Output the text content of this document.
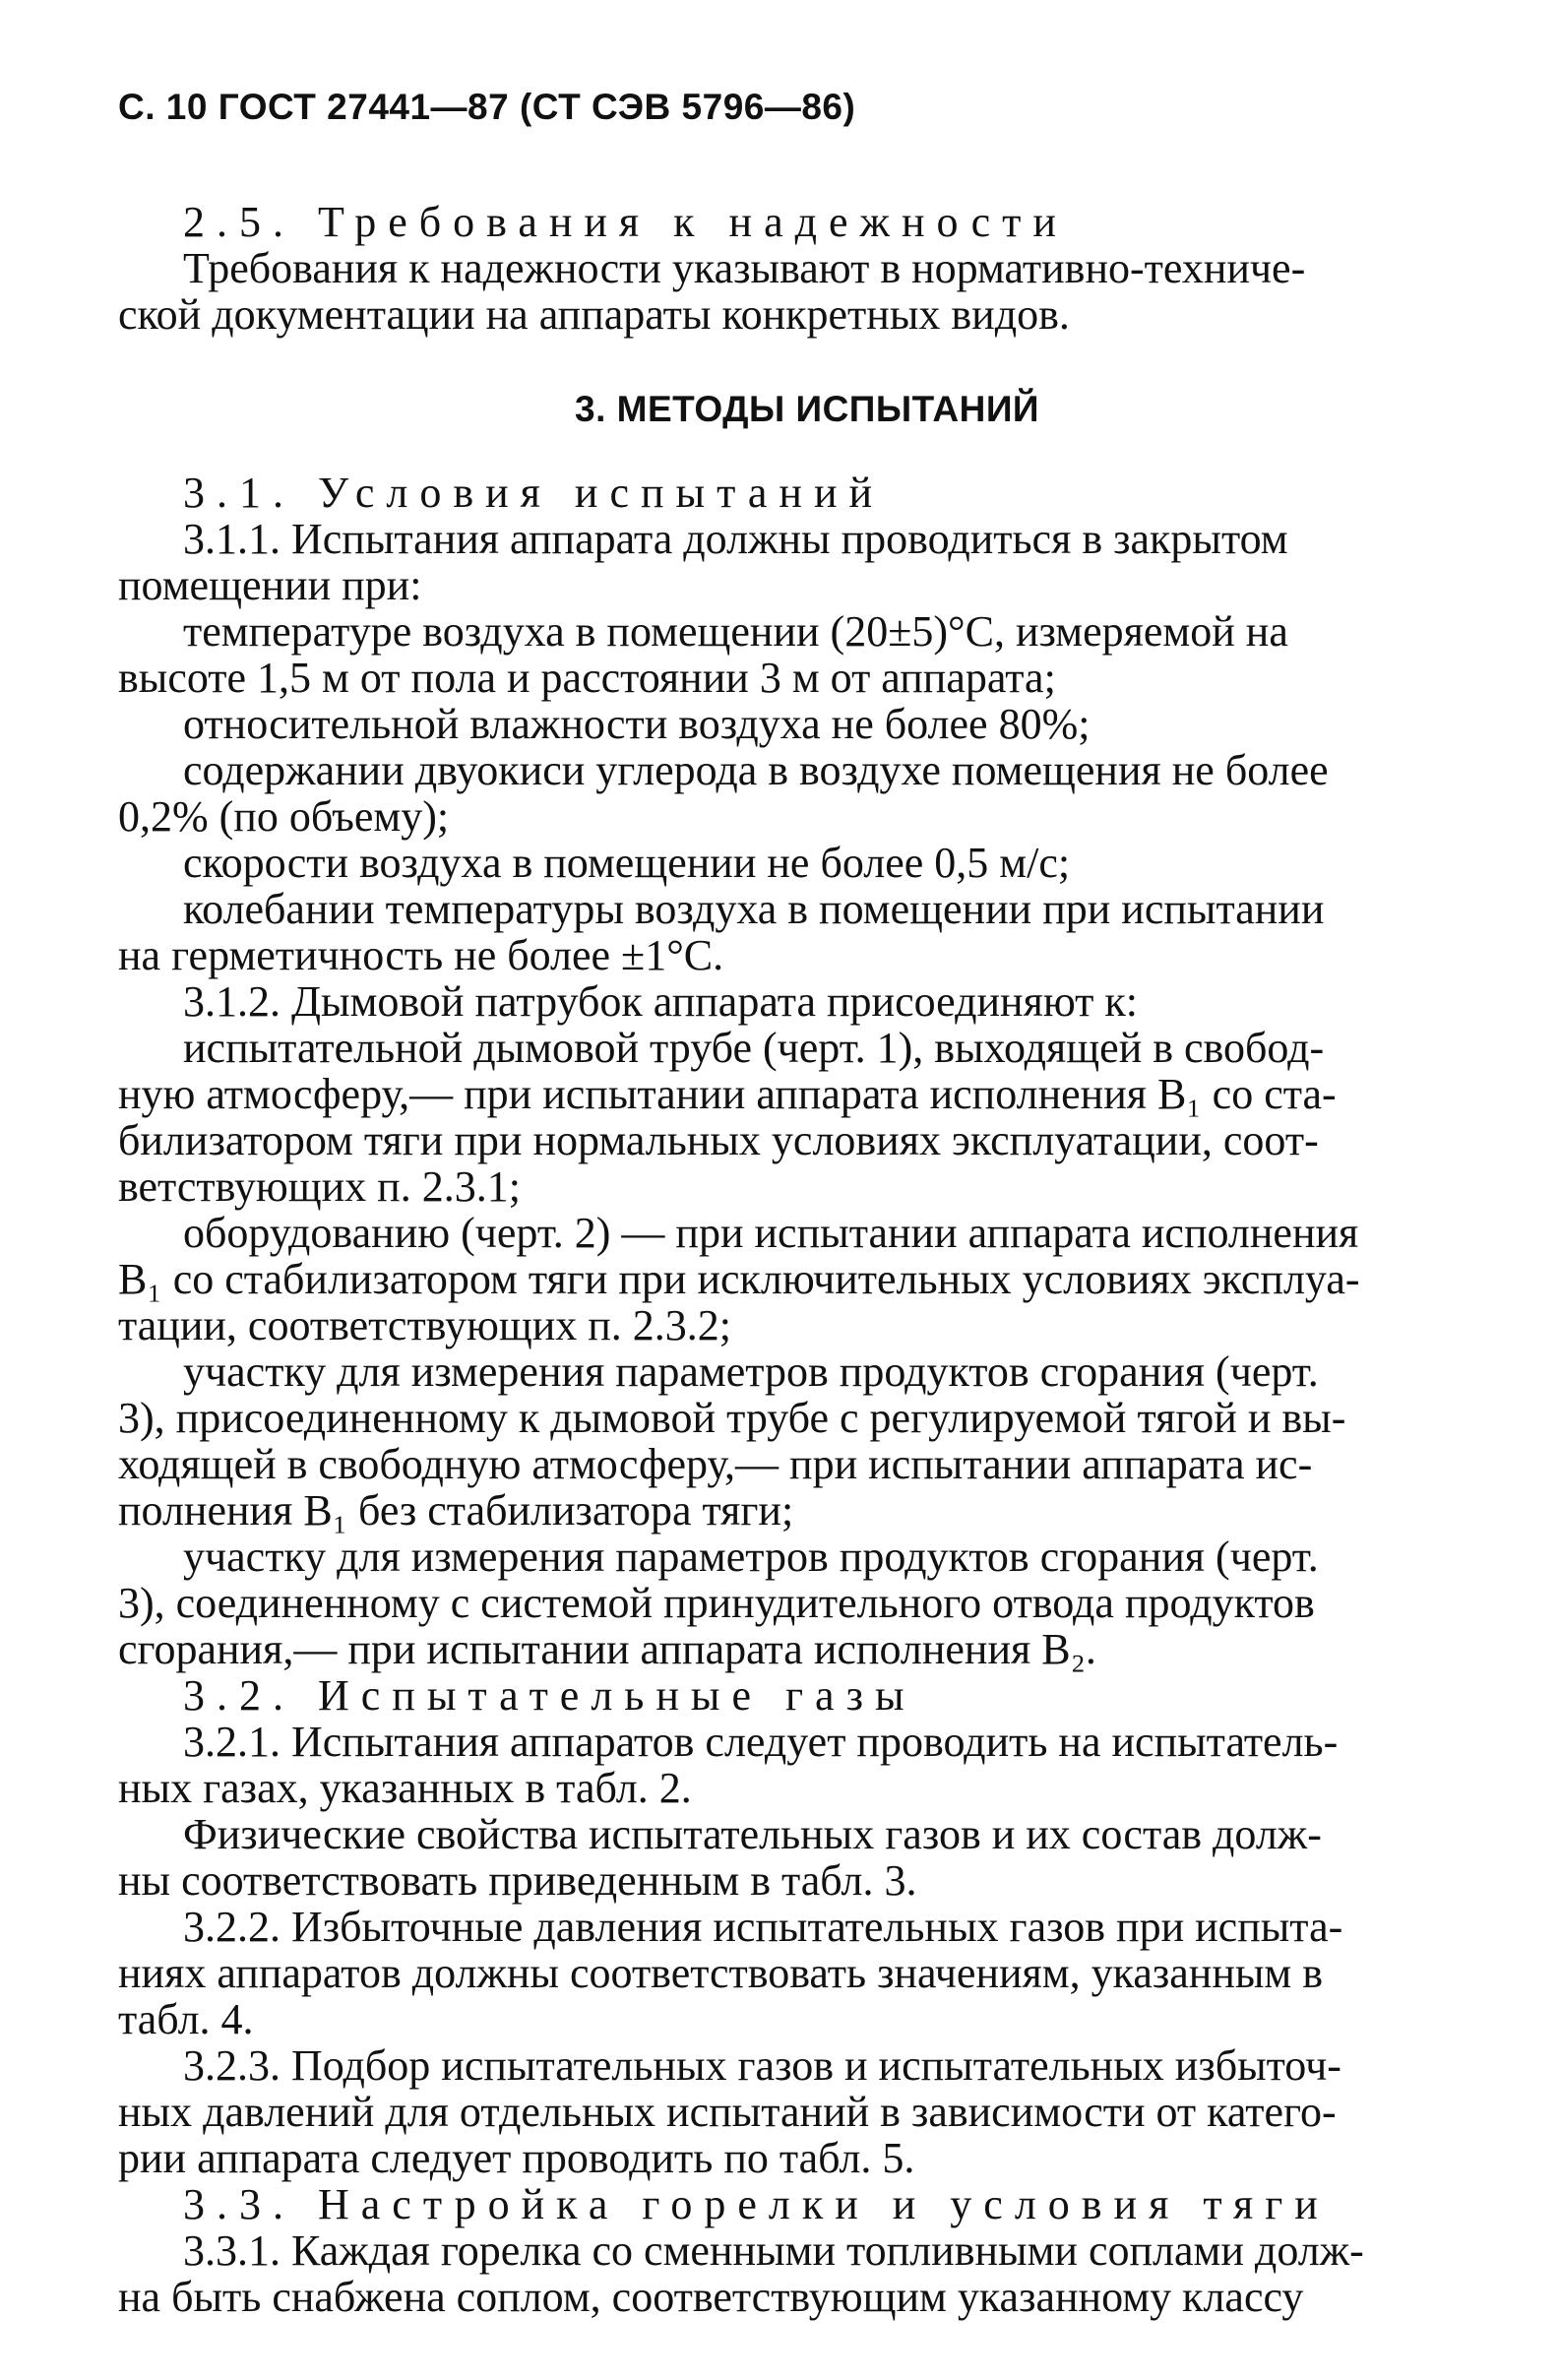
С. 10 ГОСТ 27441—87 (СТ СЭВ 5796—86)
2.5. Требования к надежности
Требования к надежности указывают в нормативно-техниче-
ской документации на аппараты конкретных видов.
3. МЕТОДЫ ИСПЫТАНИЙ
3.1. Условия испытаний
3.1.1. Испытания аппарата должны проводиться в закрытом
помещении при:
температуре воздуха в помещении (20±5)°С, измеряемой на
высоте 1,5 м от пола и расстоянии 3 м от аппарата;
относительной влажности воздуха не более 80%;
содержании двуокиси углерода в воздухе помещения не более
0,2% (по объему);
скорости воздуха в помещении не более 0,5 м/с;
колебании температуры воздуха в помещении при испытании
на герметичность не более ±1°С.
3.1.2. Дымовой патрубок аппарата присоединяют к:
испытательной дымовой трубе (черт. 1), выходящей в свобод-
ную атмосферу,— при испытании аппарата исполнения В₁ со ста-
билизатором тяги при нормальных условиях эксплуатации, соот-
ветствующих п. 2.3.1;
оборудованию (черт. 2) — при испытании аппарата исполнения
В₁ со стабилизатором тяги при исключительных условиях эксплуа-
тации, соответствующих п. 2.3.2;
участку для измерения параметров продуктов сгорания (черт.
3), присоединенному к дымовой трубе с регулируемой тягой и вы-
ходящей в свободную атмосферу,— при испытании аппарата ис-
полнения В₁ без стабилизатора тяги;
участку для измерения параметров продуктов сгорания (черт.
3), соединенному с системой принудительного отвода продуктов
сгорания,— при испытании аппарата исполнения В₂.
3.2. Испытательные газы
3.2.1. Испытания аппаратов следует проводить на испытатель-
ных газах, указанных в табл. 2.
Физические свойства испытательных газов и их состав долж-
ны соответствовать приведенным в табл. 3.
3.2.2. Избыточные давления испытательных газов при испыта-
ниях аппаратов должны соответствовать значениям, указанным в
табл. 4.
3.2.3. Подбор испытательных газов и испытательных избыточ-
ных давлений для отдельных испытаний в зависимости от катего-
рии аппарата следует проводить по табл. 5.
3.3. Настройка горелки и условия тяги
3.3.1. Каждая горелка со сменными топливными соплами долж-
на быть снабжена соплом, соответствующим указанному классу
